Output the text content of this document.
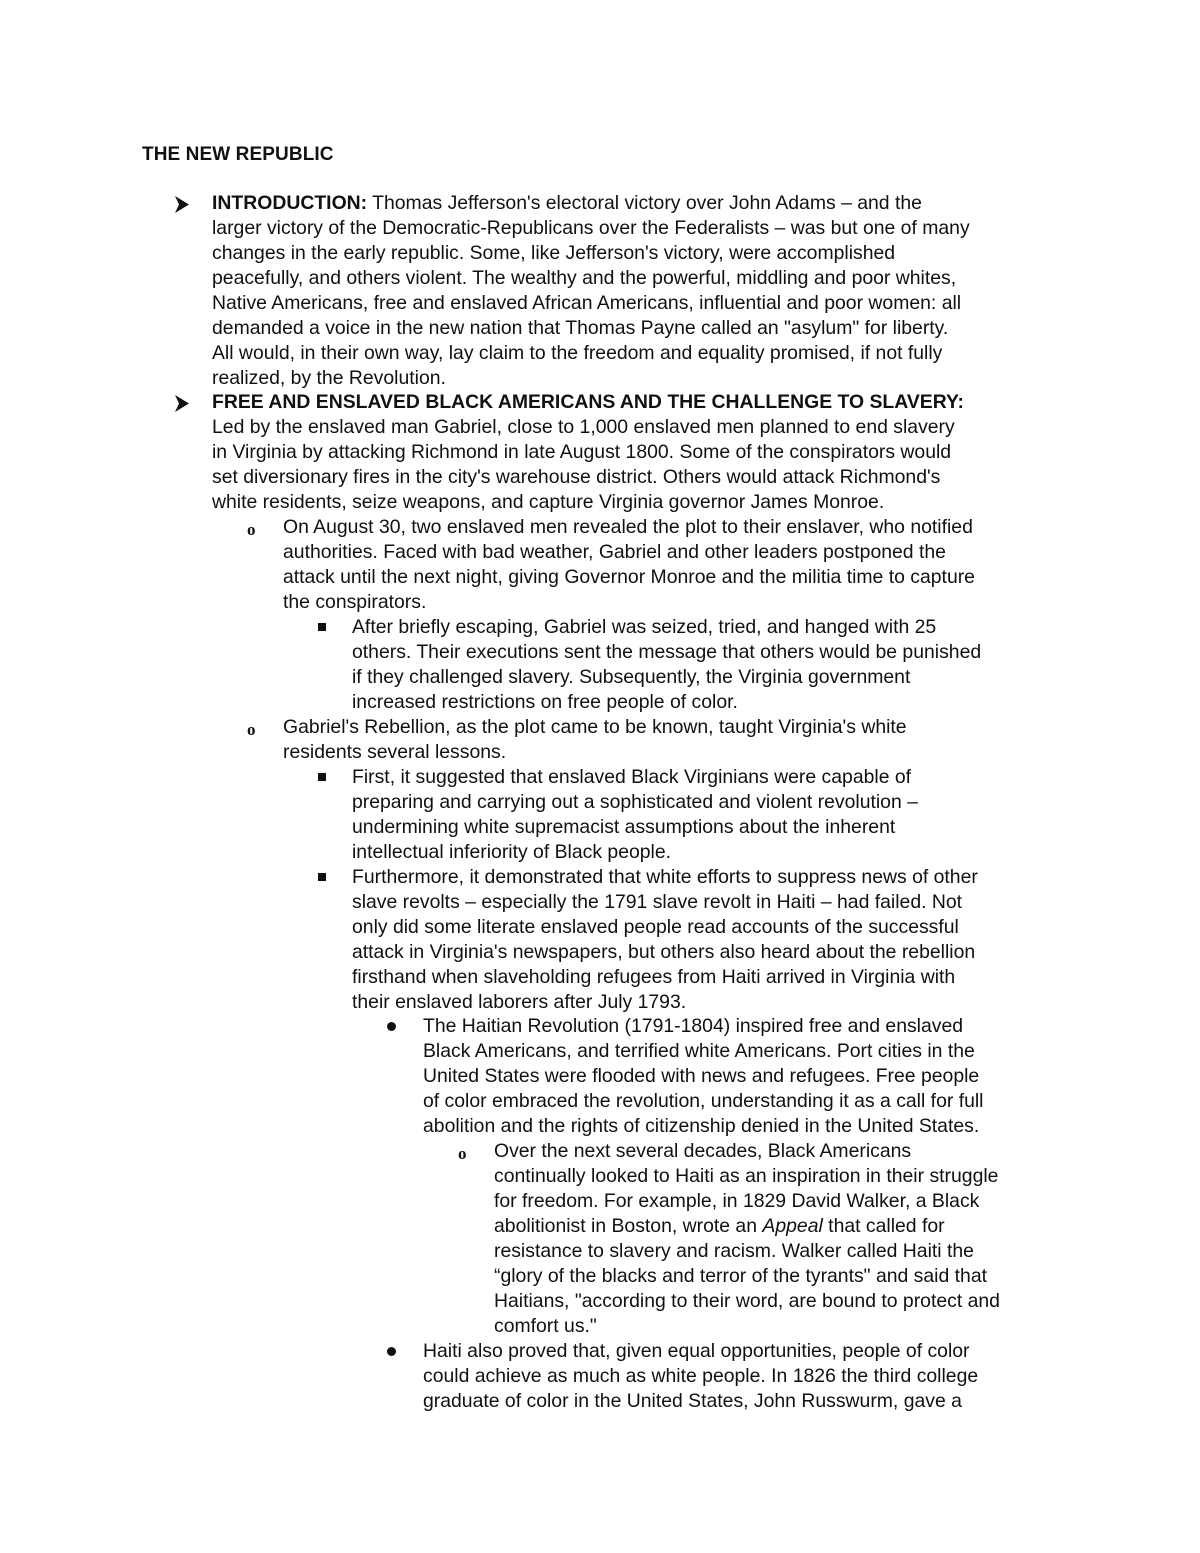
THE NEW REPUBLIC

INTRODUCTION: Thomas Jefferson's electoral victory over John Adams – and the

larger victory of the Democratic-Republicans over the Federalists – was but one of many

changes in the early republic. Some, like Jefferson's victory, were accomplished

peacefully, and others violent. The wealthy and the powerful, middling and poor whites,

Native Americans, free and enslaved African Americans, influential and poor women: all

demanded a voice in the new nation that Thomas Payne called an "asylum" for liberty.

All would, in their own way, lay claim to the freedom and equality promised, if not fully

realized, by the Revolution.

FREE AND ENSLAVED BLACK AMERICANS AND THE CHALLENGE TO SLAVERY:

Led by the enslaved man Gabriel, close to 1,000 enslaved men planned to end slavery

in Virginia by attacking Richmond in late August 1800. Some of the conspirators would

set diversionary fires in the city's warehouse district. Others would attack Richmond's

white residents, seize weapons, and capture Virginia governor James Monroe.

o On August 30, two enslaved men revealed the plot to their enslaver, who notified

authorities. Faced with bad weather, Gabriel and other leaders postponed the

attack until the next night, giving Governor Monroe and the militia time to capture

the conspirators.

After briefly escaping, Gabriel was seized, tried, and hanged with 25

others. Their executions sent the message that others would be punished

if they challenged slavery. Subsequently, the Virginia government

increased restrictions on free people of color.

o Gabriel's Rebellion, as the plot came to be known, taught Virginia's white

residents several lessons.

First, it suggested that enslaved Black Virginians were capable of

preparing and carrying out a sophisticated and violent revolution –

undermining white supremacist assumptions about the inherent

intellectual inferiority of Black people.

Furthermore, it demonstrated that white efforts to suppress news of other

slave revolts – especially the 1791 slave revolt in Haiti – had failed. Not

only did some literate enslaved people read accounts of the successful

attack in Virginia's newspapers, but others also heard about the rebellion

firsthand when slaveholding refugees from Haiti arrived in Virginia with

their enslaved laborers after July 1793.

The Haitian Revolution (1791-1804) inspired free and enslaved

Black Americans, and terrified white Americans. Port cities in the

United States were flooded with news and refugees. Free people

of color embraced the revolution, understanding it as a call for full

abolition and the rights of citizenship denied in the United States.

o Over the next several decades, Black Americans

continually looked to Haiti as an inspiration in their struggle

for freedom. For example, in 1829 David Walker, a Black

abolitionist in Boston, wrote an Appeal that called for

resistance to slavery and racism. Walker called Haiti the

“glory of the blacks and terror of the tyrants" and said that

Haitians, "according to their word, are bound to protect and

comfort us."

Haiti also proved that, given equal opportunities, people of color

could achieve as much as white people. In 1826 the third college

graduate of color in the United States, John Russwurm, gave a
